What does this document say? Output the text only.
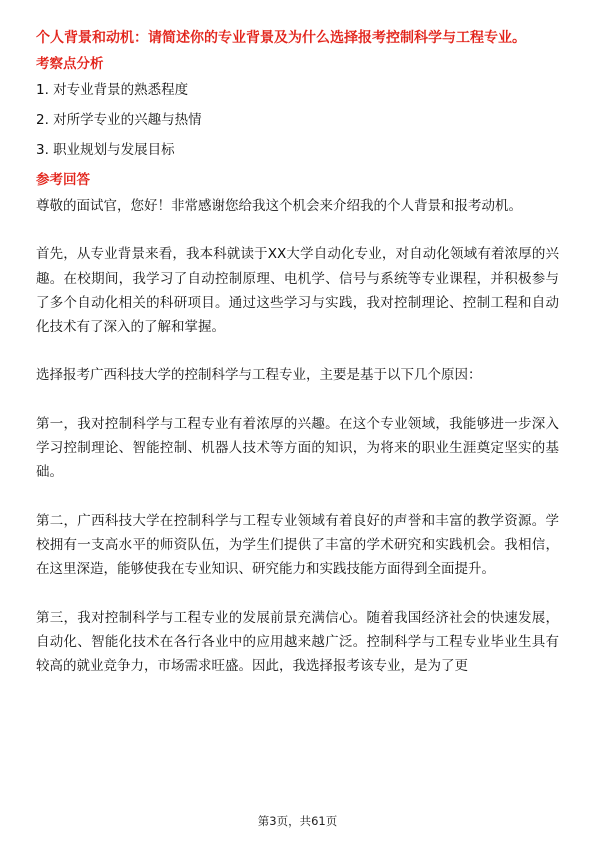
个人背景和动机：请简述你的专业背景及为什么选择报考控制科学与工程专业。
考察点分析
1. 对专业背景的熟悉程度
2. 对所学专业的兴趣与热情
3. 职业规划与发展目标
参考回答
尊敬的面试官，您好！非常感谢您给我这个机会来介绍我的个人背景和报考动机。
首先，从专业背景来看，我本科就读于XX大学自动化专业，对自动化领域有着浓厚的兴趣。在校期间，我学习了自动控制原理、电机学、信号与系统等专业课程，并积极参与了多个自动化相关的科研项目。通过这些学习与实践，我对控制理论、控制工程和自动化技术有了深入的了解和掌握。
选择报考广西科技大学的控制科学与工程专业，主要是基于以下几个原因：
第一，我对控制科学与工程专业有着浓厚的兴趣。在这个专业领域，我能够进一步深入学习控制理论、智能控制、机器人技术等方面的知识，为将来的职业生涯奠定坚实的基础。
第二，广西科技大学在控制科学与工程专业领域有着良好的声誉和丰富的教学资源。学校拥有一支高水平的师资队伍，为学生们提供了丰富的学术研究和实践机会。我相信，在这里深造，能够使我在专业知识、研究能力和实践技能方面得到全面提升。
第三，我对控制科学与工程专业的发展前景充满信心。随着我国经济社会的快速发展，自动化、智能化技术在各行各业中的应用越来越广泛。控制科学与工程专业毕业生具有较高的就业竞争力，市场需求旺盛。因此，我选择报考该专业，是为了更
第3页，共61页
